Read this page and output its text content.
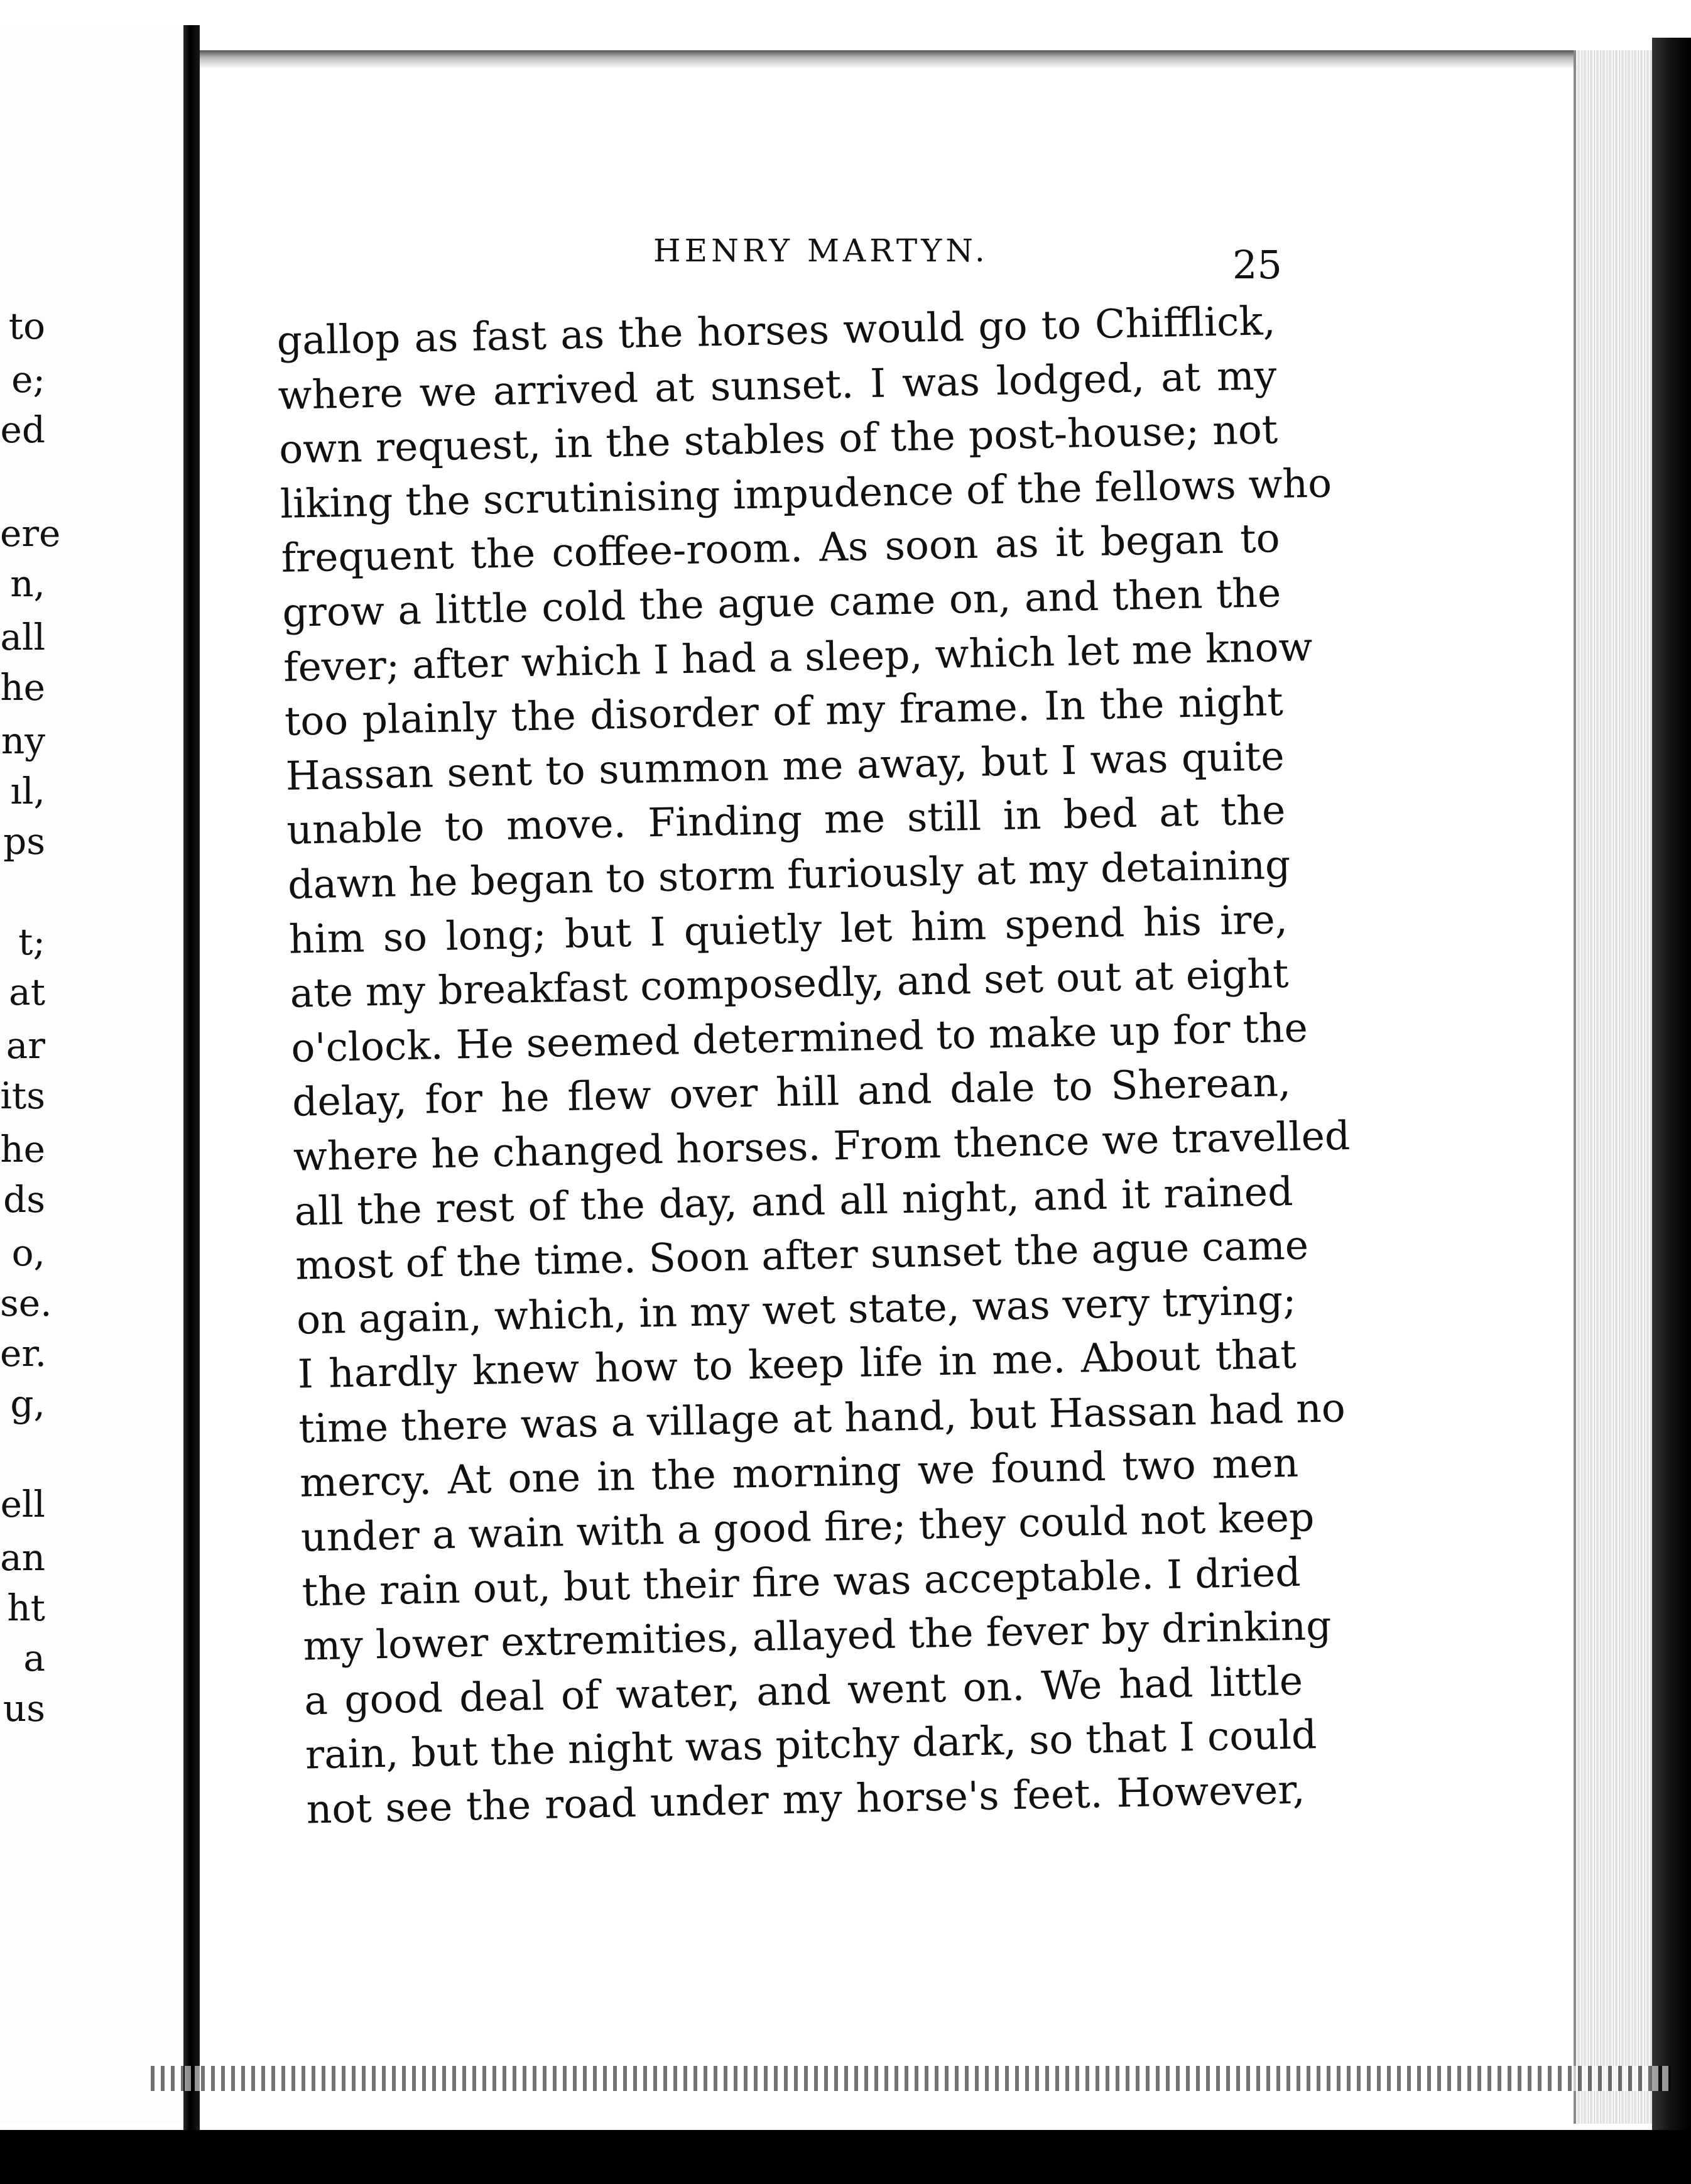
to
e;
ed
ere
n,
all
he
ny
ıl,
ps
t;
at
ar
its
he
ds
o,
se.
er.
g,
ell
an
ht
a
us
HENRY MARTYN.	25
gallop as fast as the horses would go to Chifflick,
where we arrived at sunset. I was lodged, at my
own request, in the stables of the post-house; not
liking the scrutinising impudence of the fellows who
frequent the coffee-room. As soon as it began to
grow a little cold the ague came on, and then the
fever; after which I had a sleep, which let me know
too plainly the disorder of my frame. In the night
Hassan sent to summon me away, but I was quite
unable to move. Finding me still in bed at the
dawn he began to storm furiously at my detaining
him so long; but I quietly let him spend his ire,
ate my breakfast composedly, and set out at eight
o'clock. He seemed determined to make up for the
delay, for he flew over hill and dale to Sherean,
where he changed horses. From thence we travelled
all the rest of the day, and all night, and it rained
most of the time. Soon after sunset the ague came
on again, which, in my wet state, was very trying;
I hardly knew how to keep life in me. About that
time there was a village at hand, but Hassan had no
mercy. At one in the morning we found two men
under a wain with a good fire; they could not keep
the rain out, but their fire was acceptable. I dried
my lower extremities, allayed the fever by drinking
a good deal of water, and went on. We had little
rain, but the night was pitchy dark, so that I could
not see the road under my horse's feet. However,
